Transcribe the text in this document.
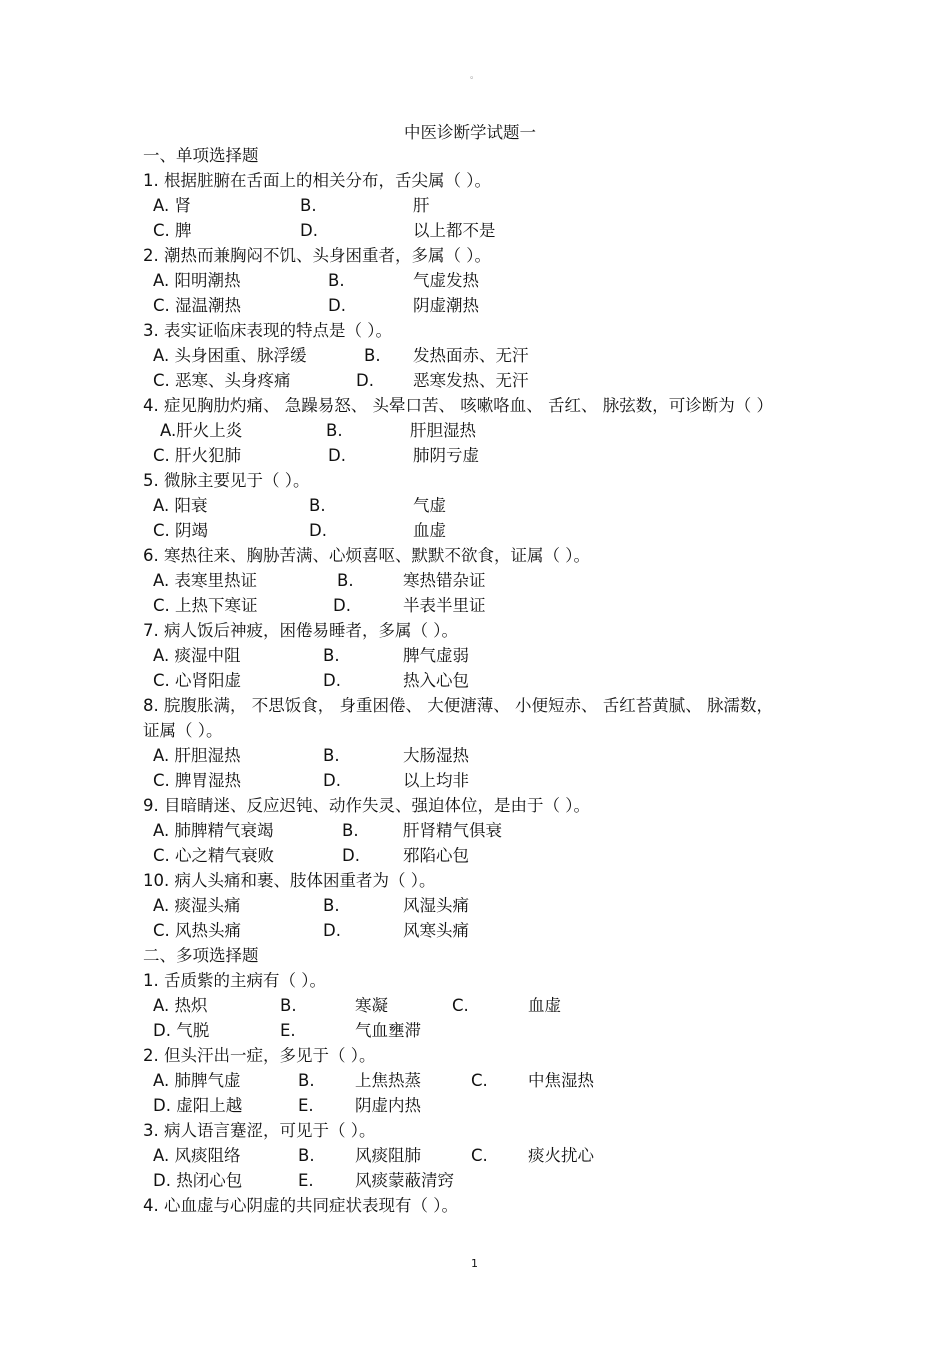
。
中医诊断学试题一
一、单项选择题
1. 根据脏腑在舌面上的相关分布，舌尖属（ ）。
A. 肾	B.	肝
C. 脾	D.	以上都不是
2. 潮热而兼胸闷不饥、头身困重者，多属（ ）。
A. 阳明潮热	B.	气虚发热
C. 湿温潮热	D.	阴虚潮热
3. 表实证临床表现的特点是（ ）。
A. 头身困重、脉浮缓	B. 发热面赤、无汗
C. 恶寒、头身疼痛	D. 恶寒发热、无汗
4. 症见胸肋灼痛、 急躁易怒、 头晕口苦、 咳嗽咯血、 舌红、 脉弦数，可诊断为（ ）
A.肝火上炎	B.	肝胆湿热
C. 肝火犯肺	D.	肺阴亏虚
5. 微脉主要见于（ ）。
A. 阳衰	B.	气虚
C. 阴竭	D.	血虚
6. 寒热往来、胸胁苦满、心烦喜呕、默默不欲食，证属（ ）。
A. 表寒里热证	B.	寒热错杂证
C. 上热下寒证	D.	半表半里证
7. 病人饭后神疲，困倦易睡者，多属（ ）。
A. 痰湿中阻	B.	脾气虚弱
C. 心肾阳虚	D.	热入心包
8. 脘腹胀满， 不思饭食， 身重困倦、 大便溏薄、 小便短赤、 舌红苔黄腻、 脉濡数，
证属（ ）。
A. 肝胆湿热	B.	大肠湿热
C. 脾胃湿热	D.	以上均非
9. 目暗睛迷、反应迟钝、动作失灵、强迫体位，是由于（ ）。
A. 肺脾精气衰竭	B.	肝肾精气俱衰
C. 心之精气衰败	D.	邪陷心包
10. 病人头痛和裹、肢体困重者为（ ）。
A. 痰湿头痛	B.	风湿头痛
C. 风热头痛	D.	风寒头痛
二、多项选择题
1. 舌质紫的主病有（ ）。
A. 热炽	B.	寒凝	C.	血虚
D. 气脱	E.	气血壅滞
2. 但头汗出一症，多见于（ ）。
A. 肺脾气虚	B. 上焦热蒸	C. 中焦湿热
D. 虚阳上越	E.	阴虚内热
3. 病人语言蹇涩，可见于（ ）。
A. 风痰阻络	B. 风痰阻肺	C. 痰火扰心
D. 热闭心包	E.	风痰蒙蔽清窍
4. 心血虚与心阴虚的共同症状表现有（ ）。
1
